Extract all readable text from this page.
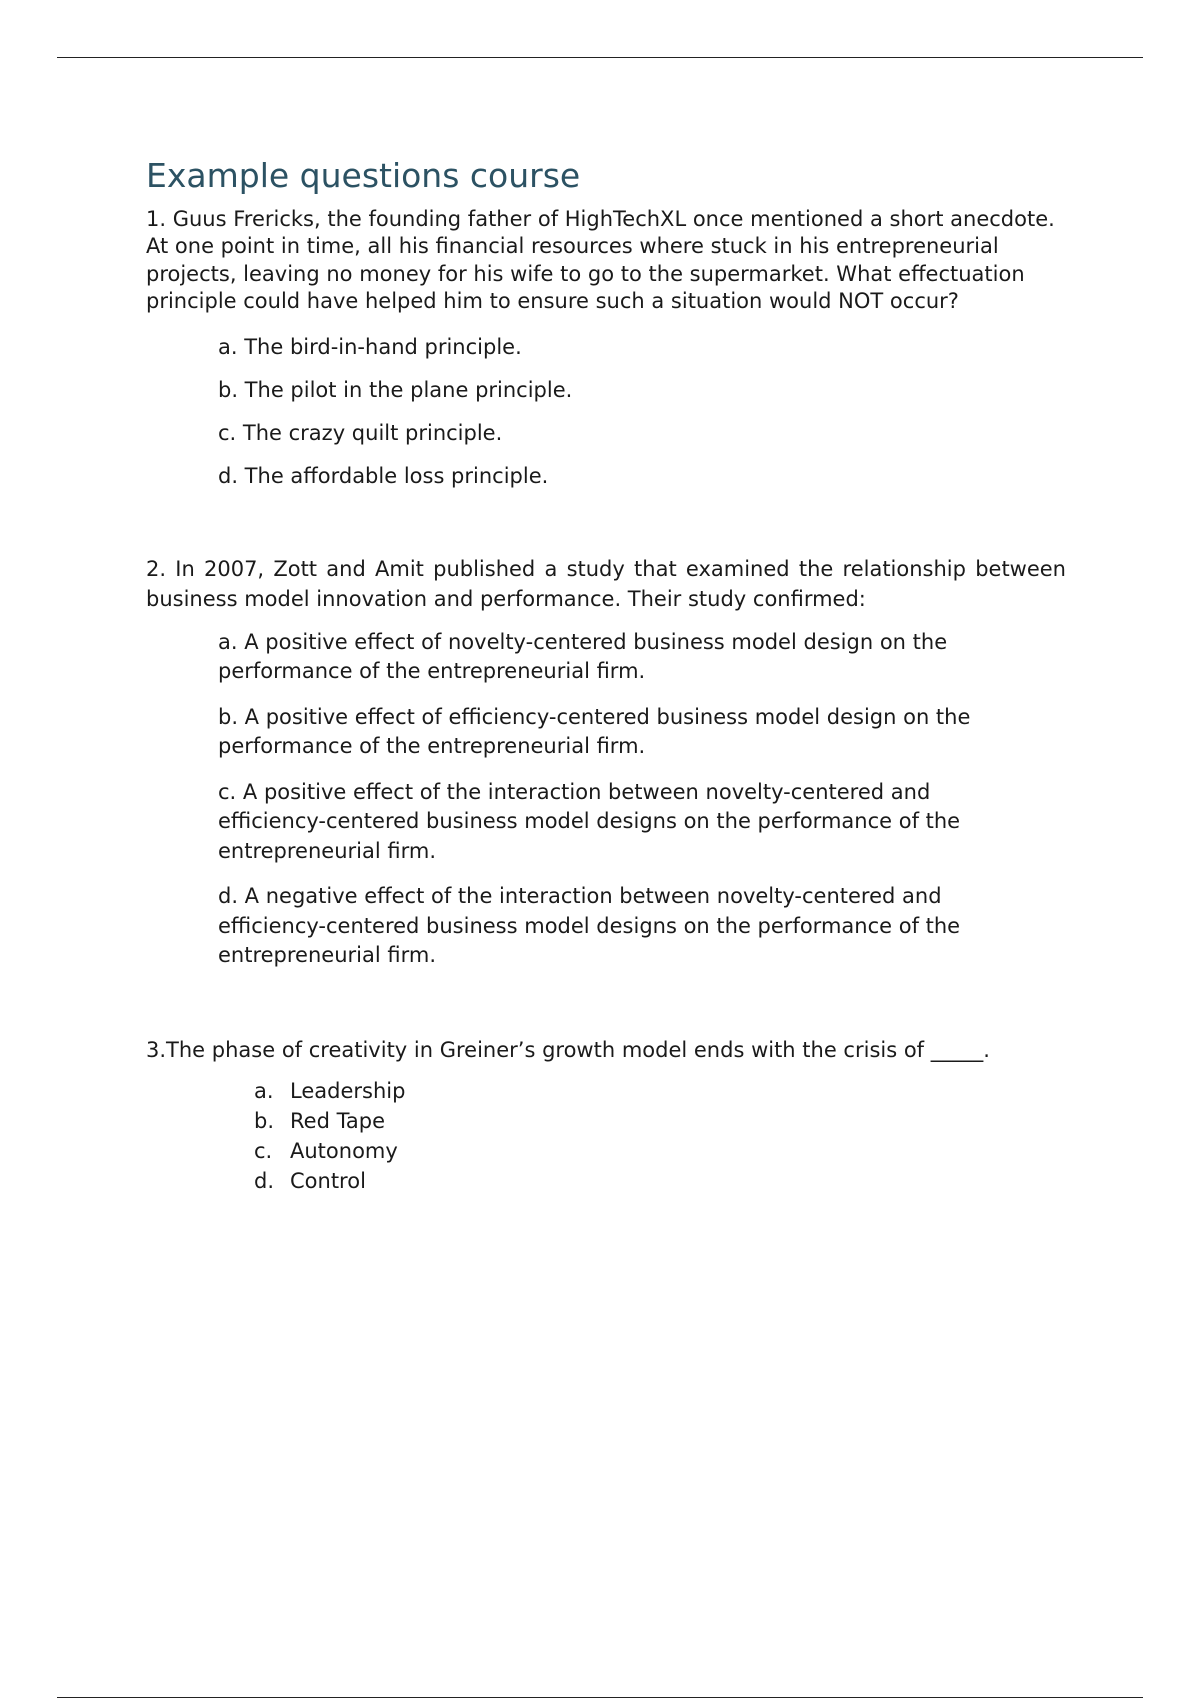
Example questions course

1. Guus Frericks, the founding father of HighTechXL once mentioned a short anecdote. At one point in time, all his financial resources where stuck in his entrepreneurial projects, leaving no money for his wife to go to the supermarket. What effectuation principle could have helped him to ensure such a situation would NOT occur?

a. The bird-in-hand principle.
b. The pilot in the plane principle.
c. The crazy quilt principle.
d. The affordable loss principle.

2. In 2007, Zott and Amit published a study that examined the relationship between business model innovation and performance. Their study confirmed:

a. A positive effect of novelty-centered business model design on the performance of the entrepreneurial firm.
b. A positive effect of efficiency-centered business model design on the performance of the entrepreneurial firm.
c. A positive effect of the interaction between novelty-centered and efficiency-centered business model designs on the performance of the entrepreneurial firm.
d. A negative effect of the interaction between novelty-centered and efficiency-centered business model designs on the performance of the entrepreneurial firm.

3.The phase of creativity in Greiner’s growth model ends with the crisis of _____.

a. Leadership
b. Red Tape
c. Autonomy
d. Control
